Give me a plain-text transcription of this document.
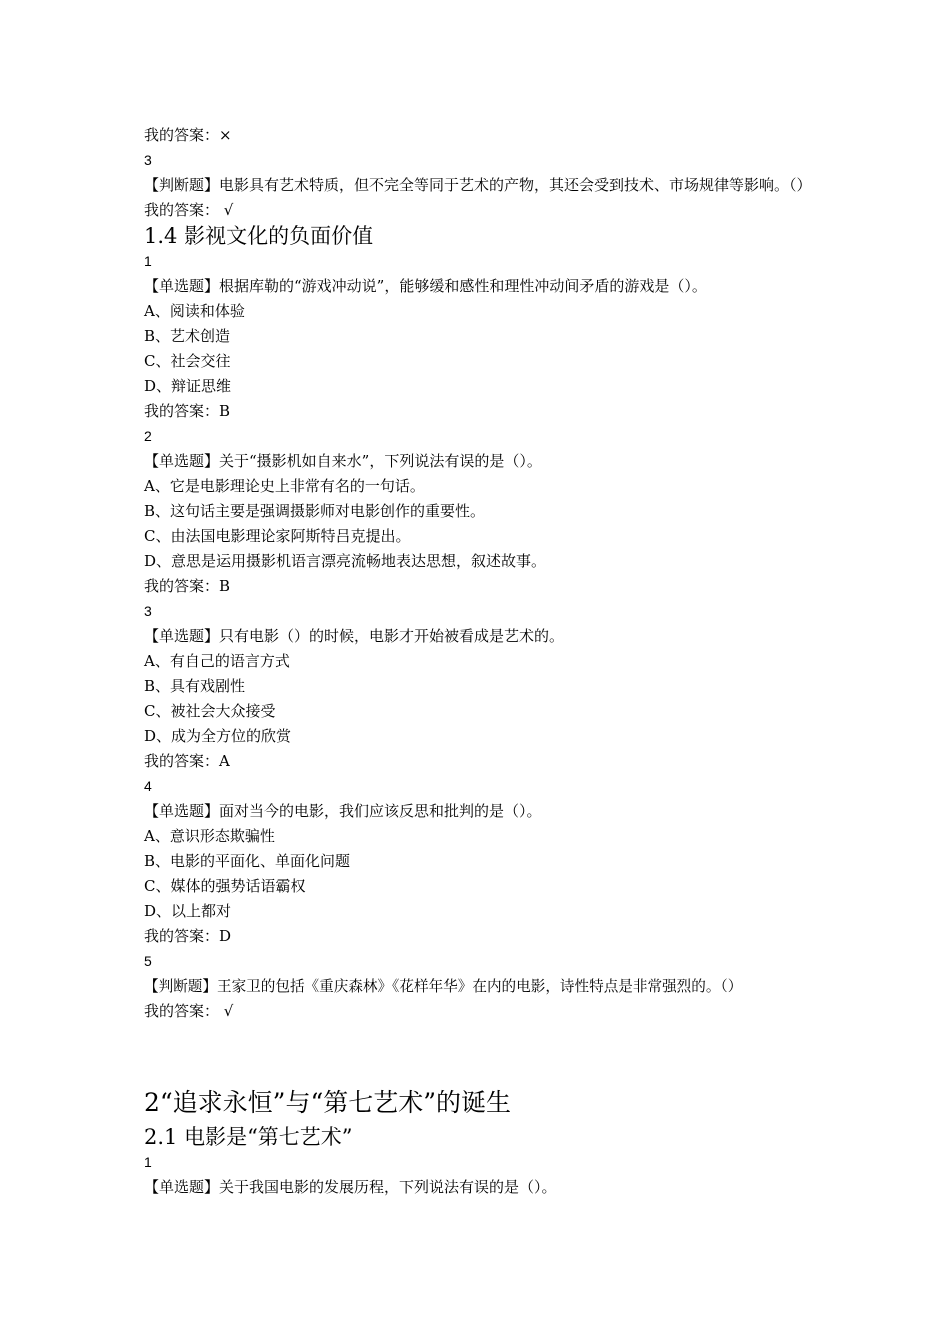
我的答案：×
3
【判断题】电影具有艺术特质，但不完全等同于艺术的产物，其还会受到技术、市场规律等影响。（）
我的答案： √
1.4 影视文化的负面价值
1
【单选题】根据库勒的“游戏冲动说”，能够缓和感性和理性冲动间矛盾的游戏是（）。
A、阅读和体验
B、艺术创造
C、社会交往
D、辩证思维
我的答案：B
2
【单选题】关于“摄影机如自来水”，下列说法有误的是（）。
A、它是电影理论史上非常有名的一句话。
B、这句话主要是强调摄影师对电影创作的重要性。
C、由法国电影理论家阿斯特吕克提出。
D、意思是运用摄影机语言漂亮流畅地表达思想，叙述故事。
我的答案：B
3
【单选题】只有电影（）的时候，电影才开始被看成是艺术的。
A、有自己的语言方式
B、具有戏剧性
C、被社会大众接受
D、成为全方位的欣赏
我的答案：A
4
【单选题】面对当今的电影，我们应该反思和批判的是（）。
A、意识形态欺骗性
B、电影的平面化、单面化问题
C、媒体的强势话语霸权
D、以上都对
我的答案：D
5
【判断题】王家卫的包括《重庆森林》《花样年华》在内的电影，诗性特点是非常强烈的。（）
我的答案： √
2“追求永恒”与“第七艺术”的诞生
2.1 电影是“第七艺术”
1
【单选题】关于我国电影的发展历程，下列说法有误的是（）。
